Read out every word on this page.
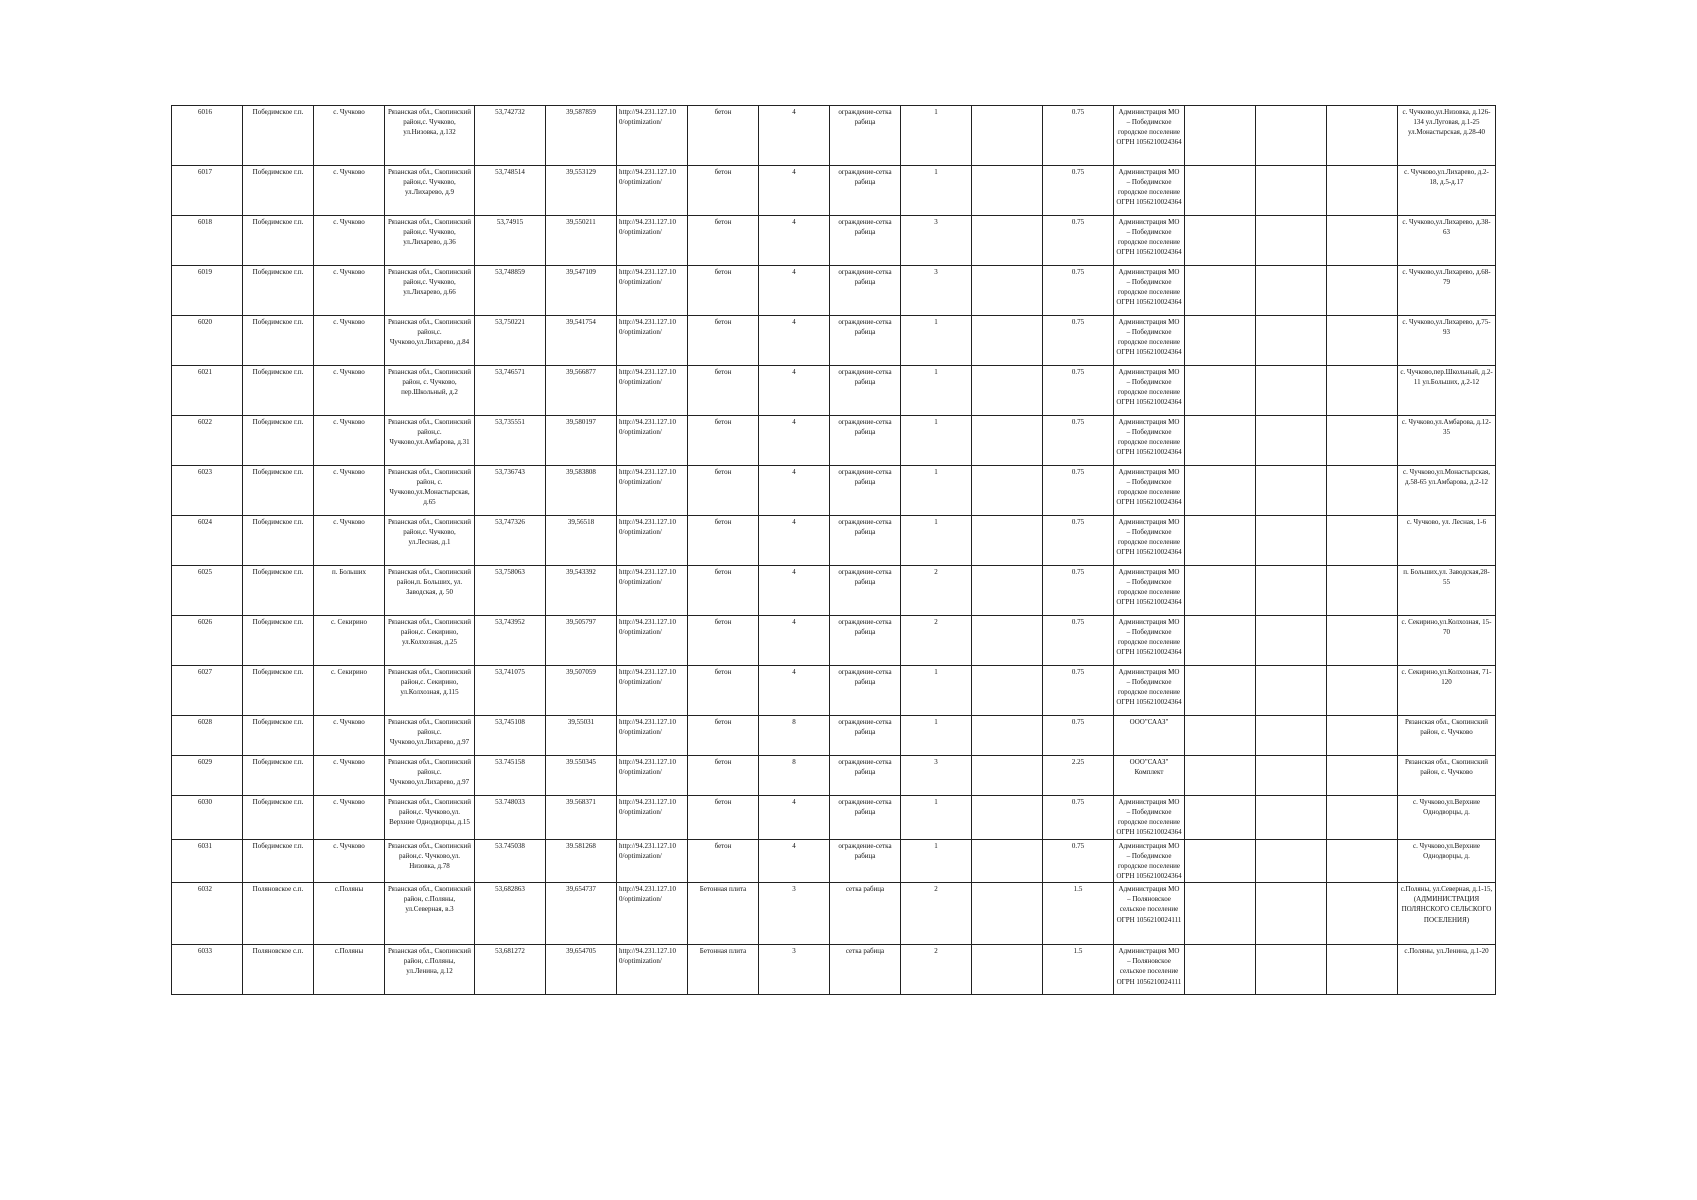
6016	Победимское г.п.	с. Чучково	Рязанская обл., Скопинский район,с. Чучково, ул.Низовка, д.132	53,742732	39,587859	http://94.231.127.10 0/optimization/	бетон	4	ограждение-сетка рабица	1		0.75	Администрация МО – Победимское городское поселение ОГРН 1056210024364				с. Чучково,ул.Низовка, д.126-134 ул.Луговая, д.1-25 ул.Монастырская, д.28-40
6017	Победимское г.п.	с. Чучково	Рязанская обл., Скопинский район,с. Чучково, ул.Лихарево, д.9	53,748514	39,553129	http://94.231.127.10 0/optimization/	бетон	4	ограждение-сетка рабица	1		0.75	Администрация МО – Победимское городское поселение ОГРН 1056210024364				с. Чучково,ул.Лихарево, д.2-18, д.5-д.17
6018	Победимское г.п.	с. Чучково	Рязанская обл., Скопинский район,с. Чучково, ул.Лихарево, д.36	53,74915	39,550211	http://94.231.127.10 0/optimization/	бетон	4	ограждение-сетка рабица	3		0.75	Администрация МО – Победимское городское поселение ОГРН 1056210024364				с. Чучково,ул.Лихарево, д.38-63
6019	Победимское г.п.	с. Чучково	Рязанская обл., Скопинский район,с. Чучково, ул.Лихарево, д.66	53,748859	39,547109	http://94.231.127.10 0/optimization/	бетон	4	ограждение-сетка рабица	3		0.75	Администрация МО – Победимское городское поселение ОГРН 1056210024364				с. Чучково,ул.Лихарево, д.68-79
6020	Победимское г.п.	с. Чучково	Рязанская обл., Скопинский район,с. Чучково,ул.Лихарево, д.84	53,750221	39,541754	http://94.231.127.10 0/optimization/	бетон	4	ограждение-сетка рабица	1		0.75	Администрация МО – Победимское городское поселение ОГРН 1056210024364				с. Чучково,ул.Лихарево, д.75-93
6021	Победимское г.п.	с. Чучково	Рязанская обл., Скопинский район, с. Чучково, пер.Школьный, д.2	53,746571	39,566877	http://94.231.127.10 0/optimization/	бетон	4	ограждение-сетка рабица	1		0.75	Администрация МО – Победимское городское поселение ОГРН 1056210024364				с. Чучково,пер.Школьный, д.2-11 ул.Больших, д.2-12
6022	Победимское г.п.	с. Чучково	Рязанская обл., Скопинский район,с. Чучково,ул.Амбарова, д.31	53,735551	39,580197	http://94.231.127.10 0/optimization/	бетон	4	ограждение-сетка рабица	1		0.75	Администрация МО – Победимское городское поселение ОГРН 1056210024364				с. Чучково,ул.Амбарова, д.12-35
6023	Победимское г.п.	с. Чучково	Рязанская обл., Скопинский район, с. Чучково,ул.Монастырская, д.65	53,736743	39,583808	http://94.231.127.10 0/optimization/	бетон	4	ограждение-сетка рабица	1		0.75	Администрация МО – Победимское городское поселение ОГРН 1056210024364				с. Чучково,ул.Монастырская, д.58-65 ул.Амбарова, д.2-12
6024	Победимское г.п.	с. Чучково	Рязанская обл., Скопинский район,с. Чучково, ул.Лесная, д.1	53,747326	39,56518	http://94.231.127.10 0/optimization/	бетон	4	ограждение-сетка рабица	1		0.75	Администрация МО – Победимское городское поселение ОГРН 1056210024364				с. Чучково, ул. Лесная, 1-6
6025	Победимское г.п.	п. Больших	Рязанская обл., Скопинский район,п. Больших, ул. Заводская, д. 50	53,758063	39,543392	http://94.231.127.10 0/optimization/	бетон	4	ограждение-сетка рабица	2		0.75	Администрация МО – Победимское городское поселение ОГРН 1056210024364				п. Больших,ул. Заводская,28-55
6026	Победимское г.п.	с. Секирино	Рязанская обл., Скопинский район,с. Секирино, ул.Колхозная, д.25	53,743952	39,505797	http://94.231.127.10 0/optimization/	бетон	4	ограждение-сетка рабица	2		0.75	Администрация МО – Победимское городское поселение ОГРН 1056210024364				с. Секирино,ул.Колхозная, 15-70
6027	Победимское г.п.	с. Секирино	Рязанская обл., Скопинский район,с. Секирино, ул.Колхозная, д.115	53,741075	39,507059	http://94.231.127.10 0/optimization/	бетон	4	ограждение-сетка рабица	1		0.75	Администрация МО – Победимское городское поселение ОГРН 1056210024364				с. Секирино,ул.Колхозная, 71-120
6028	Победимское г.п.	с. Чучково	Рязанская обл., Скопинский район,с. Чучково,ул.Лихарево, д.97	53,745108	39,55031	http://94.231.127.10 0/optimization/	бетон	8	ограждение-сетка рабица	1		0.75	ООО"СААЗ"				Рязанская обл., Скопинский район, с. Чучково
6029	Победимское г.п.	с. Чучково	Рязанская обл., Скопинский район,с. Чучково,ул.Лихарево, д.97	53.745158	39.550345	http://94.231.127.10 0/optimization/	бетон	8	ограждение-сетка рабица	3		2.25	ООО"СААЗ" Комплект				Рязанская обл., Скопинский район, с. Чучково
6030	Победимское г.п.	с. Чучково	Рязанская обл., Скопинский район,с. Чучково,ул. Верхние Однодворцы, д.15	53.748033	39.568371	http://94.231.127.10 0/optimization/	бетон	4	ограждение-сетка рабица	1		0.75	Администрация МО – Победимское городское поселение ОГРН 1056210024364				с. Чучково,ул.Верхние Однодворцы, д.
6031	Победимское г.п.	с. Чучково	Рязанская обл., Скопинский район,с. Чучково,ул. Низовка, д.78	53.745038	39.581268	http://94.231.127.10 0/optimization/	бетон	4	ограждение-сетка рабица	1		0.75	Администрация МО – Победимское городское поселение ОГРН 1056210024364				с. Чучково,ул.Верхние Однодворцы, д.
6032	Поляновское с.п.	с.Поляны	Рязанская обл., Скопинский район, с.Поляны, ул.Северная, в.3	53,682863	39,654737	http://94.231.127.10 0/optimization/	Бетонная плита	3	сетка рабица	2		1.5	Администрация МО – Поляновское сельское поселение ОГРН 1056210024111				с.Поляны, ул.Северная, д.1-15, (АДМИНИСТРАЦИЯ ПОЛЯНСКОГО СЕЛЬСКОГО ПОСЕЛЕНИЯ)
6033	Поляновское с.п.	с.Поляны	Рязанская обл., Скопинский район, с.Поляны, ул.Ленина, д.12	53,681272	39,654705	http://94.231.127.10 0/optimization/	Бетонная плита	3	сетка рабица	2		1.5	Администрация МО – Поляновское сельское поселение ОГРН 1056210024111				с.Поляны, ул.Ленина, д.1-20
